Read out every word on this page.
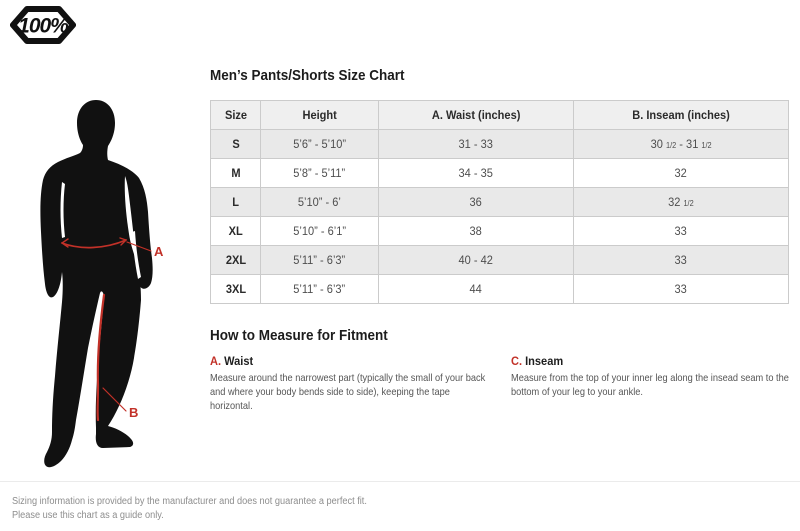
100%
A
B
Men’s Pants/Shorts Size Chart
Size	Height	A. Waist (inches)	B. Inseam (inches)
S	5’6” - 5’10”	31 - 33	30 1/2 - 31 1/2
M	5’8” - 5’11”	34 - 35	32
L	5’10” - 6’	36	32 1/2
XL	5’10” - 6’1”	38	33
2XL	5’11” - 6’3”	40 - 42	33
3XL	5’11” - 6’3”	44	33
How to Measure for Fitment
A. Waist

Measure around the narrowest part (typically the small of your back and where your body bends side to side), keeping the tape horizontal.

C. Inseam

Measure from the top of your inner leg along the insead seam to the bottom of your leg to your ankle.

Sizing information is provided by the manufacturer and does not guarantee a perfect fit.

Please use this chart as a guide only.
